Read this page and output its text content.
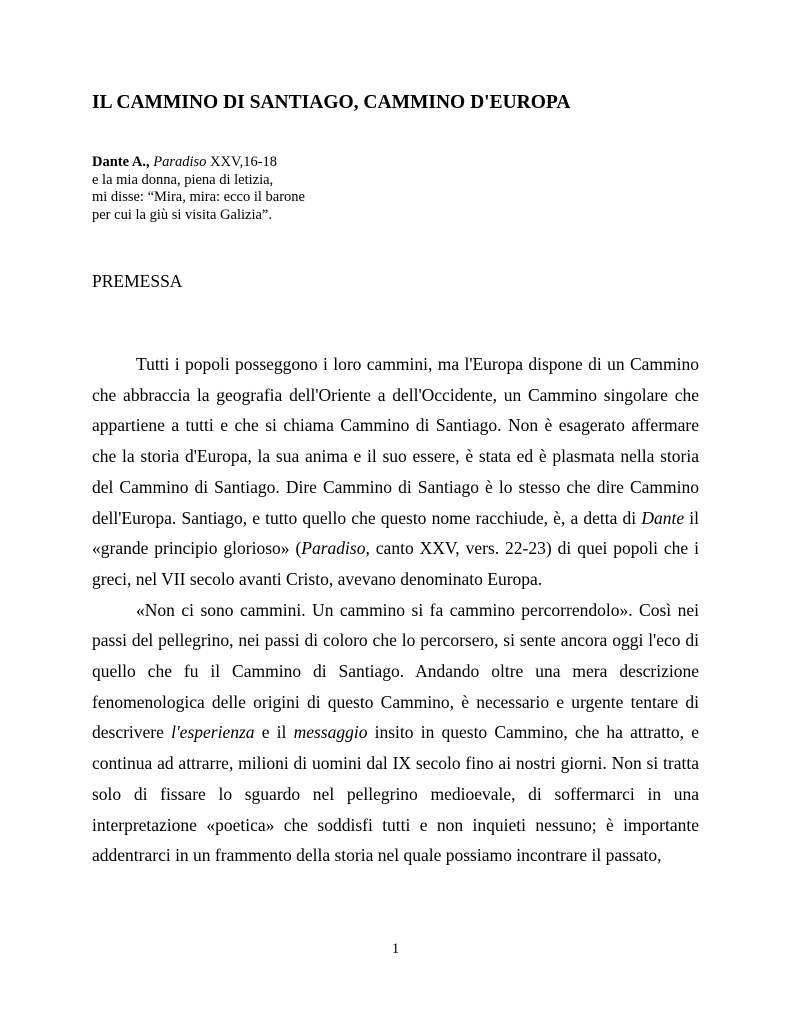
IL CAMMINO DI SANTIAGO, CAMMINO D'EUROPA
Dante A., Paradiso XXV,16-18
e la mia donna, piena di letizia,
mi disse: “Mira, mira: ecco il barone
per cui la giù si visita Galizia”.
PREMESSA

Tutti i popoli posseggono i loro cammini, ma l'Europa dispone di un Cammino che abbraccia la geografia dell'Oriente a dell'Occidente, un Cammino singolare che appartiene a tutti e che si chiama Cammino di Santiago. Non è esagerato affermare che la storia d'Europa, la sua anima e il suo essere, è stata ed è plasmata nella storia del Cammino di Santiago. Dire Cammino di Santiago è lo stesso che dire Cammino dell'Europa. Santiago, e tutto quello che questo nome racchiude, è, a detta di Dante il «grande principio glorioso» (Paradiso, canto XXV, vers. 22-23) di quei popoli che i greci, nel VII secolo avanti Cristo, avevano denominato Europa.

«Non ci sono cammini. Un cammino si fa cammino percorrendolo». Così nei passi del pellegrino, nei passi di coloro che lo percorsero, si sente ancora oggi l'eco di quello che fu il Cammino di Santiago. Andando oltre una mera descrizione fenomenologica delle origini di questo Cammino, è necessario e urgente tentare di descrivere l'esperienza e il messaggio insito in questo Cammino, che ha attratto, e continua ad attrarre, milioni di uomini dal IX secolo fino ai nostri giorni. Non si tratta solo di fissare lo sguardo nel pellegrino medioevale, di soffermarci in una interpretazione «poetica» che soddisfi tutti e non inquieti nessuno; è importante addentrarci in un frammento della storia nel quale possiamo incontrare il passato,

1
